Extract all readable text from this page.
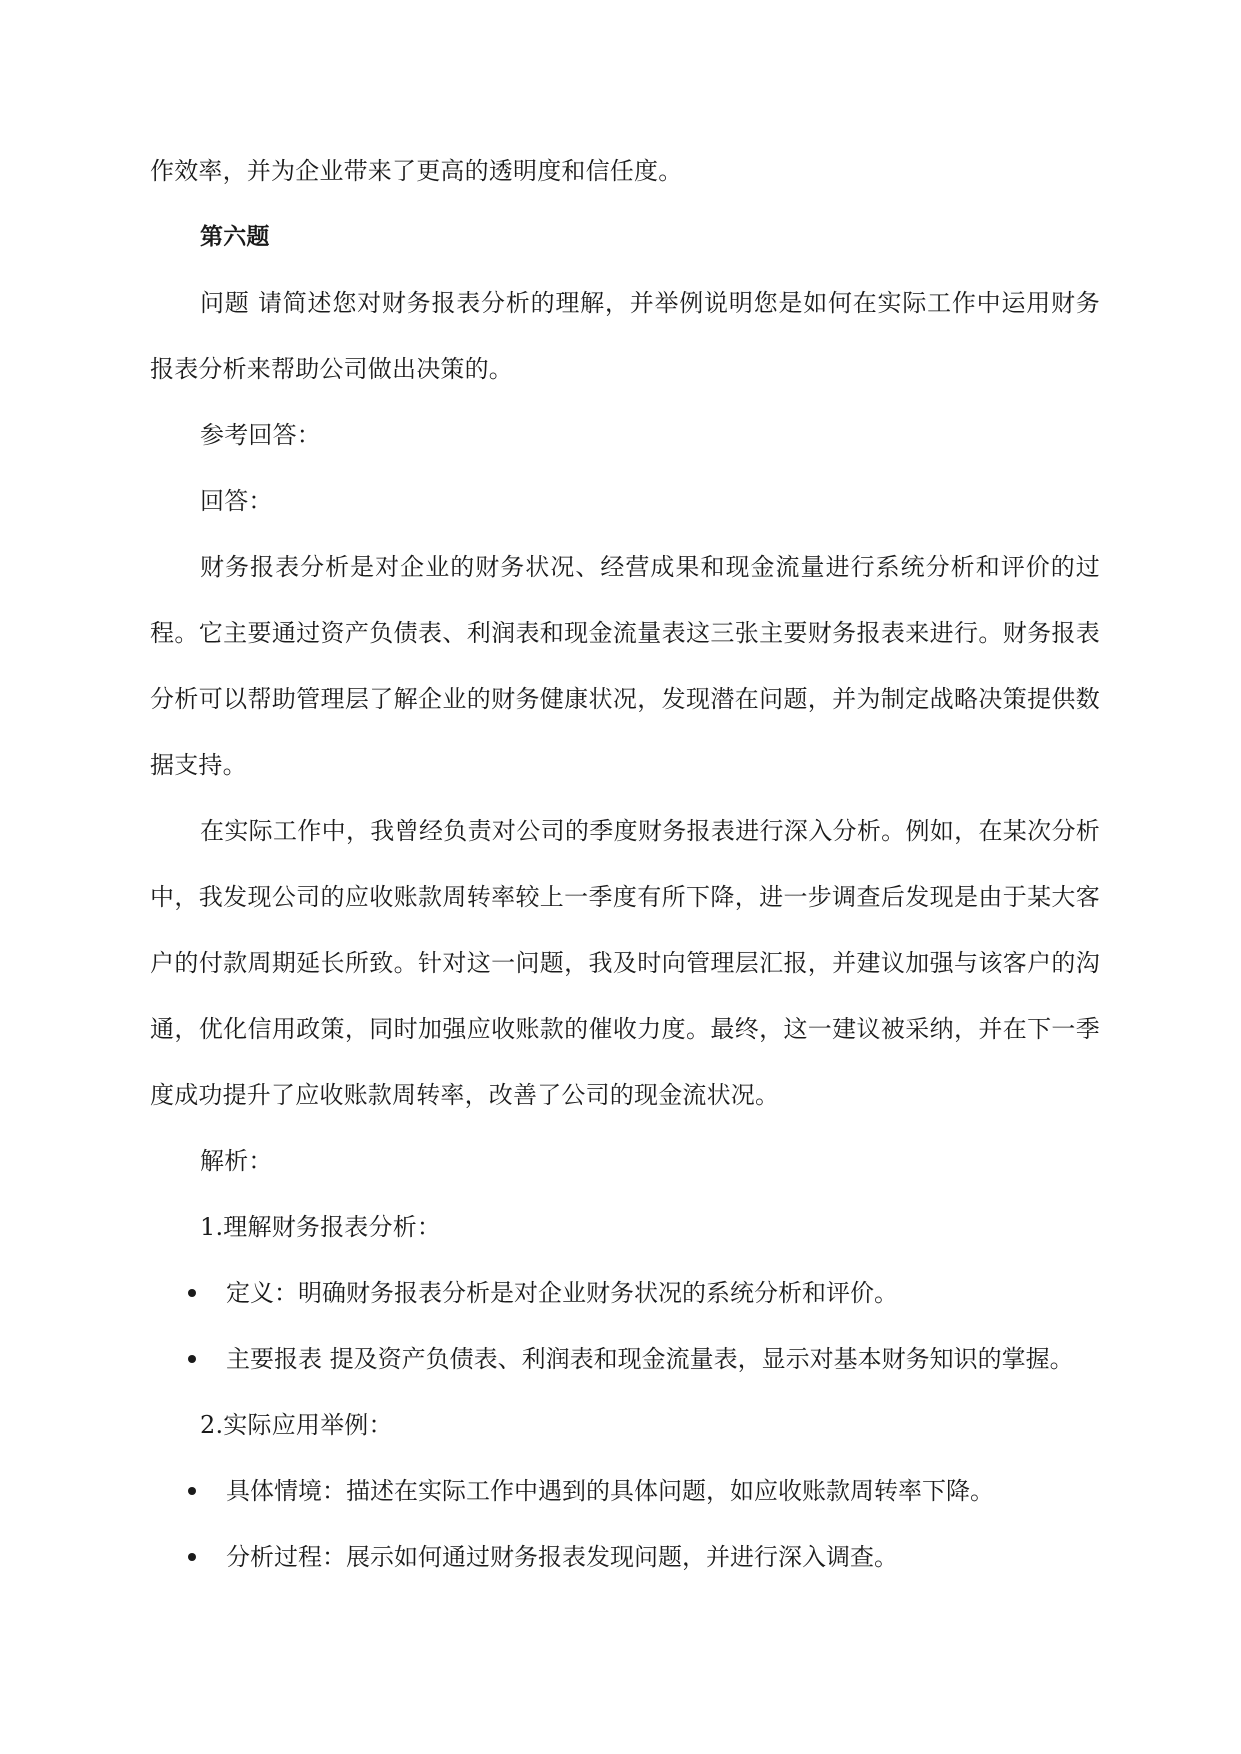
作效率，并为企业带来了更高的透明度和信任度。

第六题

问题 请简述您对财务报表分析的理解，并举例说明您是如何在实际工作中运用财务报表分析来帮助公司做出决策的。

参考回答：

回答：

财务报表分析是对企业的财务状况、经营成果和现金流量进行系统分析和评价的过程。它主要通过资产负债表、利润表和现金流量表这三张主要财务报表来进行。财务报表分析可以帮助管理层了解企业的财务健康状况，发现潜在问题，并为制定战略决策提供数据支持。

在实际工作中，我曾经负责对公司的季度财务报表进行深入分析。例如，在某次分析中，我发现公司的应收账款周转率较上一季度有所下降，进一步调查后发现是由于某大客户的付款周期延长所致。针对这一问题，我及时向管理层汇报，并建议加强与该客户的沟通，优化信用政策，同时加强应收账款的催收力度。最终，这一建议被采纳，并在下一季度成功提升了应收账款周转率，改善了公司的现金流状况。

解析：

1.理解财务报表分析：

定义：明确财务报表分析是对企业财务状况的系统分析和评价。
主要报表 提及资产负债表、利润表和现金流量表，显示对基本财务知识的掌握。

2.实际应用举例：

具体情境：描述在实际工作中遇到的具体问题，如应收账款周转率下降。
分析过程：展示如何通过财务报表发现问题，并进行深入调查。
